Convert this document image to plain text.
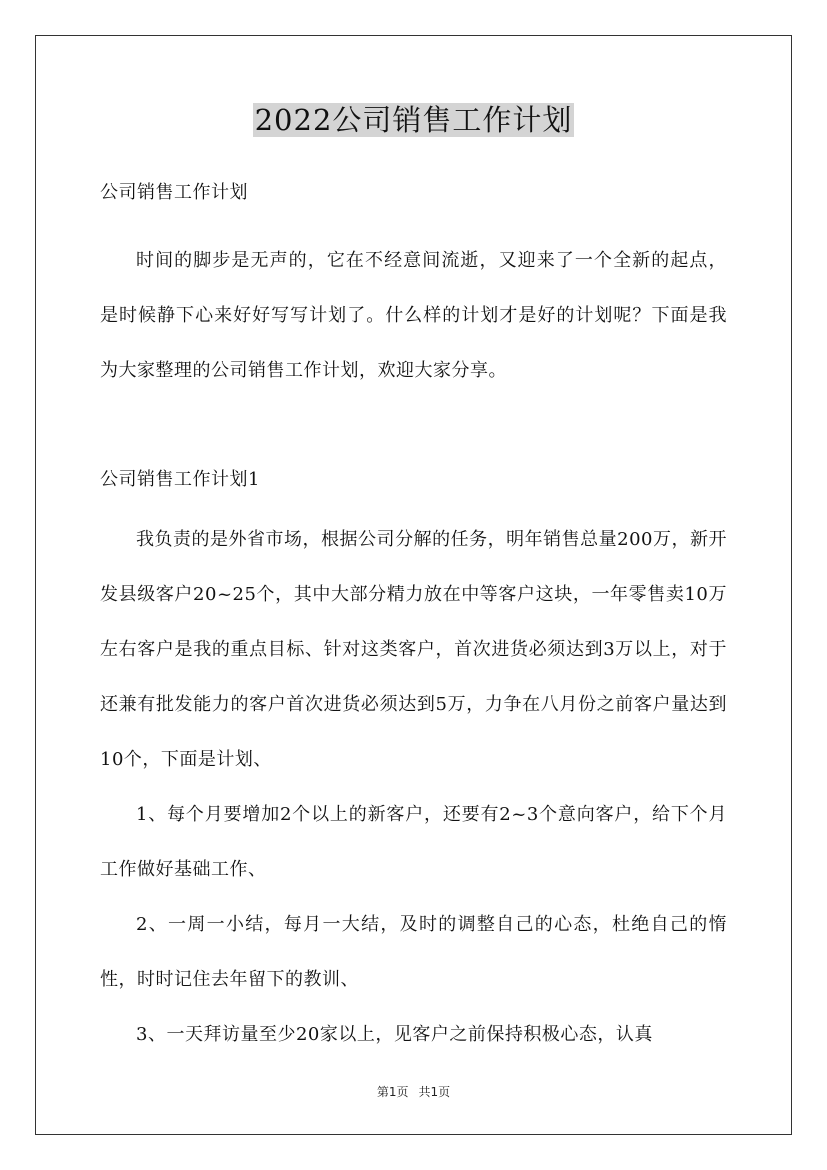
2022公司销售工作计划

公司销售工作计划

时间的脚步是无声的，它在不经意间流逝，又迎来了一个全新的起点，是时候静下心来好好写写计划了。什么样的计划才是好的计划呢？下面是我为大家整理的公司销售工作计划，欢迎大家分享。

公司销售工作计划1

我负责的是外省市场，根据公司分解的任务，明年销售总量200万，新开发县级客户20~25个，其中大部分精力放在中等客户这块，一年零售卖10万左右客户是我的重点目标、针对这类客户，首次进货必须达到3万以上，对于还兼有批发能力的客户首次进货必须达到5万，力争在八月份之前客户量达到10个，下面是计划、

1、每个月要增加2个以上的新客户，还要有2~3个意向客户，给下个月工作做好基础工作、

2、一周一小结，每月一大结，及时的调整自己的心态，杜绝自己的惰性，时时记住去年留下的教训、

3、一天拜访量至少20家以上，见客户之前保持积极心态，认真

第1页 共1页
